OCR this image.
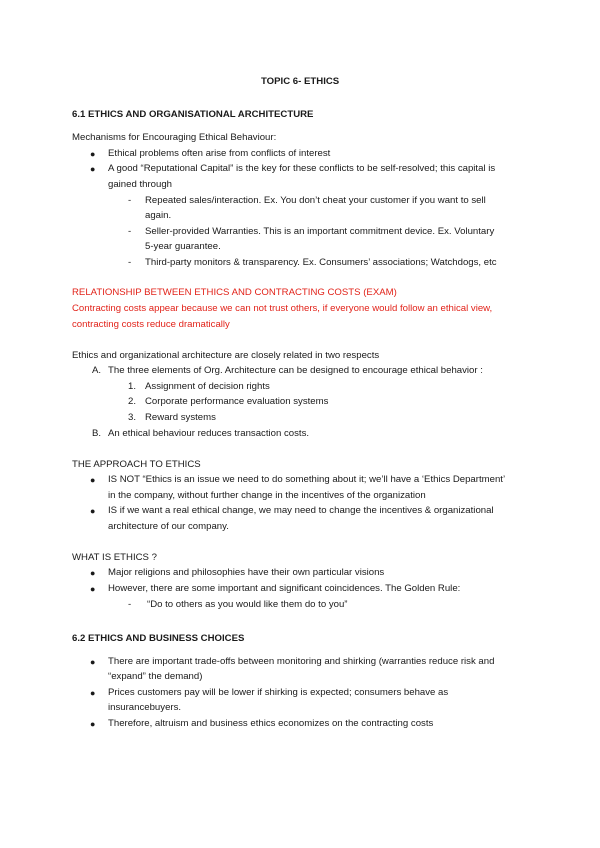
TOPIC 6- ETHICS
6.1 ETHICS AND ORGANISATIONAL ARCHITECTURE
Mechanisms for Encouraging Ethical Behaviour:
● Ethical problems often arise from conflicts of interest
● A good “Reputational Capital” is the key for these conflicts to be self-resolved; this capital is
gained through
- Repeated sales/interaction. Ex. You don’t cheat your customer if you want to sell
again.
- Seller-provided Warranties. This is an important commitment device. Ex. Voluntary
5-year guarantee.
- Third-party monitors & transparency. Ex. Consumers’ associations; Watchdogs, etc
RELATIONSHIP BETWEEN ETHICS AND CONTRACTING COSTS (EXAM)
Contracting costs appear because we can not trust others, if everyone would follow an ethical view,
contracting costs reduce dramatically
Ethics and organizational architecture are closely related in two respects
A. The three elements of Org. Architecture can be designed to encourage ethical behavior :
1. Assignment of decision rights
2. Corporate performance evaluation systems
3. Reward systems
B. An ethical behaviour reduces transaction costs.
THE APPROACH TO ETHICS
● IS NOT “Ethics is an issue we need to do something about it; we’ll have a ‘Ethics Department’
in the company, without further change in the incentives of the organization
● IS if we want a real ethical change, we may need to change the incentives & organizational
architecture of our company.
WHAT IS ETHICS ?
● Major religions and philosophies have their own particular visions
● However, there are some important and significant coincidences. The Golden Rule:
- “Do to others as you would like them do to you”
6.2 ETHICS AND BUSINESS CHOICES
● There are important trade-offs between monitoring and shirking (warranties reduce risk and
“expand” the demand)
● Prices customers pay will be lower if shirking is expected; consumers behave as
insurancebuyers.
● Therefore, altruism and business ethics economizes on the contracting costs
